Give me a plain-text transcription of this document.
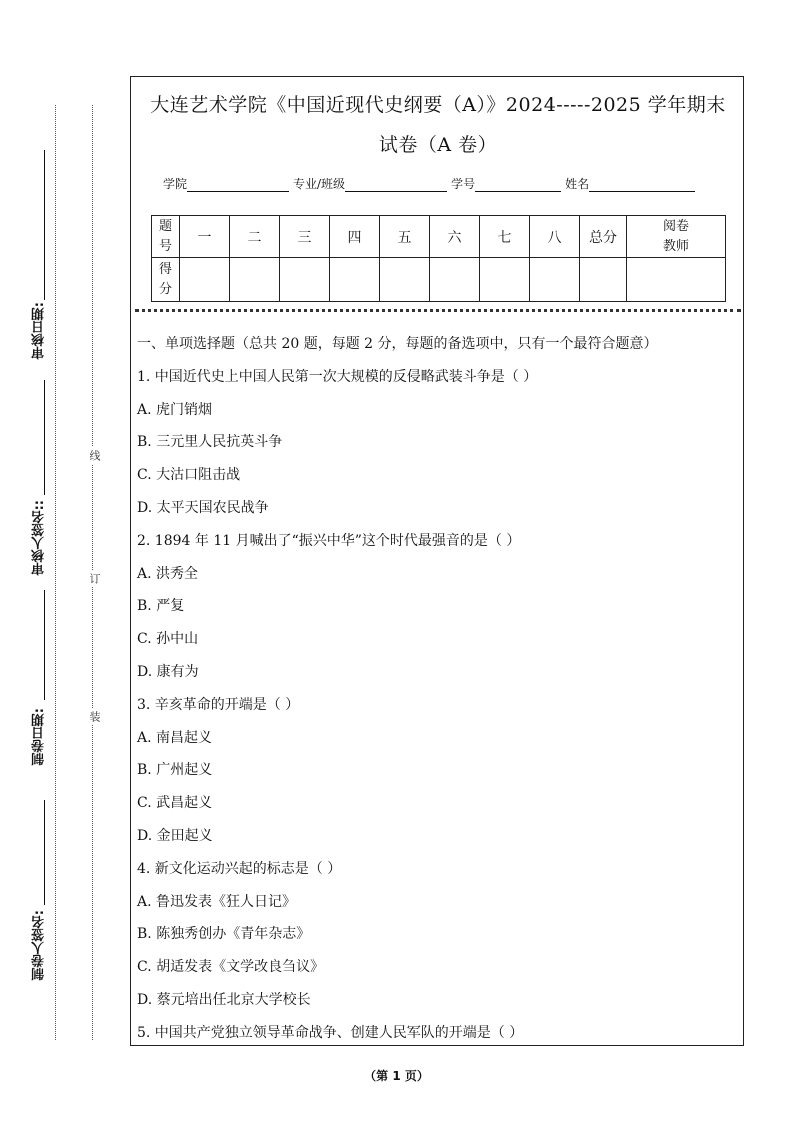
审核日期:
审核人签名::
制卷日期:
制卷人签名:
线
订
装
大连艺术学院《中国近现代史纲要（A）》2024-----2025 学年期末
试卷（A 卷）
学院	专业/班级	学号	姓名
题号	一	二	三	四	五	六	七	八	总分	阅卷教师
得分										
一、单项选择题（总共 20 题，每题 2 分，每题的备选项中，只有一个最符合题意）
1. 中国近代史上中国人民第一次大规模的反侵略武装斗争是（ ）
A. 虎门销烟
B. 三元里人民抗英斗争
C. 大沽口阻击战
D. 太平天国农民战争
2. 1894 年 11 月喊出了“振兴中华”这个时代最强音的是（ ）
A. 洪秀全
B. 严复
C. 孙中山
D. 康有为
3. 辛亥革命的开端是（ ）
A. 南昌起义
B. 广州起义
C. 武昌起义
D. 金田起义
4. 新文化运动兴起的标志是（ ）
A. 鲁迅发表《狂人日记》
B. 陈独秀创办《青年杂志》
C. 胡适发表《文学改良刍议》
D. 蔡元培出任北京大学校长
5. 中国共产党独立领导革命战争、创建人民军队的开端是（ ）
（第 1 页）
